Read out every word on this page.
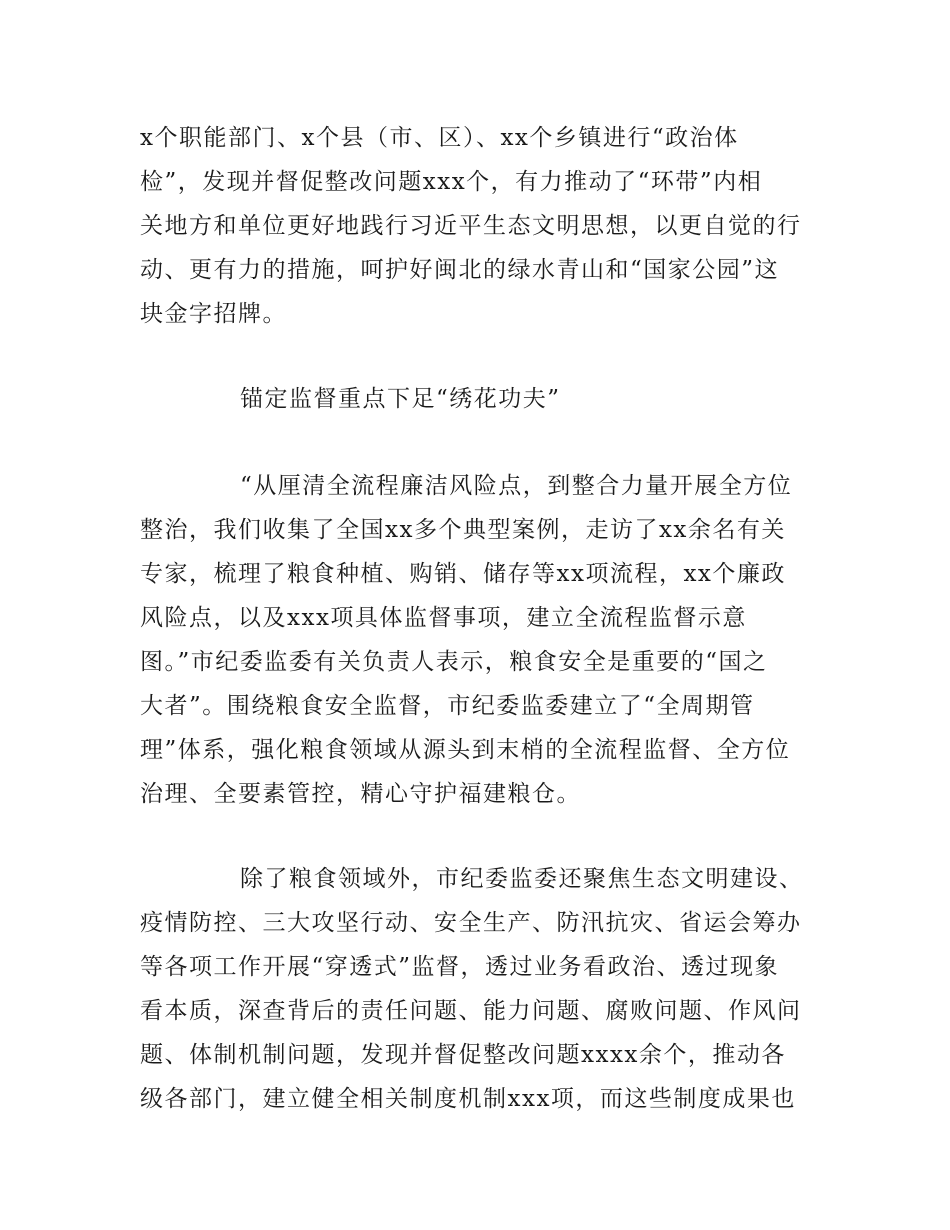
x个职能部门、x个县（市、区）、xx个乡镇进行“政治体
检”，发现并督促整改问题xxx个，有力推动了“环带”内相
关地方和单位更好地践行习近平生态文明思想，以更自觉的行
动、更有力的措施，呵护好闽北的绿水青山和“国家公园”这
块金字招牌。
锚定监督重点下足“绣花功夫”
“从厘清全流程廉洁风险点，到整合力量开展全方位
整治，我们收集了全国xx多个典型案例，走访了xx余名有关
专家，梳理了粮食种植、购销、储存等xx项流程，xx个廉政
风险点，以及xxx项具体监督事项，建立全流程监督示意
图。”市纪委监委有关负责人表示，粮食安全是重要的“国之
大者”。围绕粮食安全监督，市纪委监委建立了“全周期管
理”体系，强化粮食领域从源头到末梢的全流程监督、全方位
治理、全要素管控，精心守护福建粮仓。
除了粮食领域外，市纪委监委还聚焦生态文明建设、
疫情防控、三大攻坚行动、安全生产、防汛抗灾、省运会筹办
等各项工作开展“穿透式”监督，透过业务看政治、透过现象
看本质，深查背后的责任问题、能力问题、腐败问题、作风问
题、体制机制问题，发现并督促整改问题xxxx余个，推动各
级各部门，建立健全相关制度机制xxx项，而这些制度成果也
